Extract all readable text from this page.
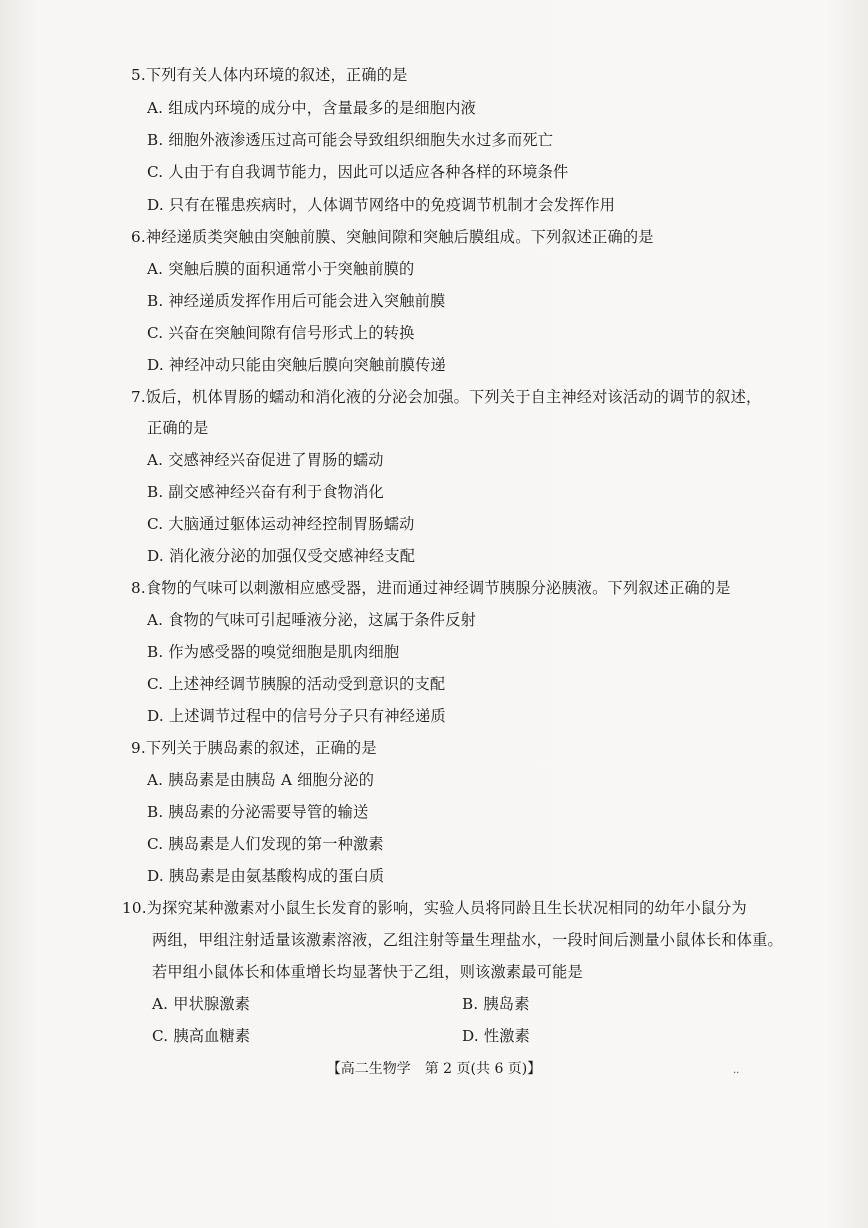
5.下列有关人体内环境的叙述，正确的是
A. 组成内环境的成分中，含量最多的是细胞内液
B. 细胞外液渗透压过高可能会导致组织细胞失水过多而死亡
C. 人由于有自我调节能力，因此可以适应各种各样的环境条件
D. 只有在罹患疾病时，人体调节网络中的免疫调节机制才会发挥作用
6.神经递质类突触由突触前膜、突触间隙和突触后膜组成。下列叙述正确的是
A. 突触后膜的面积通常小于突触前膜的
B. 神经递质发挥作用后可能会进入突触前膜
C. 兴奋在突触间隙有信号形式上的转换
D. 神经冲动只能由突触后膜向突触前膜传递
7.饭后，机体胃肠的蠕动和消化液的分泌会加强。下列关于自主神经对该活动的调节的叙述，
正确的是
A. 交感神经兴奋促进了胃肠的蠕动
B. 副交感神经兴奋有利于食物消化
C. 大脑通过躯体运动神经控制胃肠蠕动
D. 消化液分泌的加强仅受交感神经支配
8.食物的气味可以刺激相应感受器，进而通过神经调节胰腺分泌胰液。下列叙述正确的是
A. 食物的气味可引起唾液分泌，这属于条件反射
B. 作为感受器的嗅觉细胞是肌肉细胞
C. 上述神经调节胰腺的活动受到意识的支配
D. 上述调节过程中的信号分子只有神经递质
9.下列关于胰岛素的叙述，正确的是
A. 胰岛素是由胰岛 A 细胞分泌的
B. 胰岛素的分泌需要导管的输送
C. 胰岛素是人们发现的第一种激素
D. 胰岛素是由氨基酸构成的蛋白质
10.为探究某种激素对小鼠生长发育的影响，实验人员将同龄且生长状况相同的幼年小鼠分为
两组，甲组注射适量该激素溶液，乙组注射等量生理盐水，一段时间后测量小鼠体长和体重。
若甲组小鼠体长和体重增长均显著快于乙组，则该激素最可能是
A. 甲状腺激素	B. 胰岛素
C. 胰高血糖素	D. 性激素
【高二生物学　第 2 页(共 6 页)】	..
